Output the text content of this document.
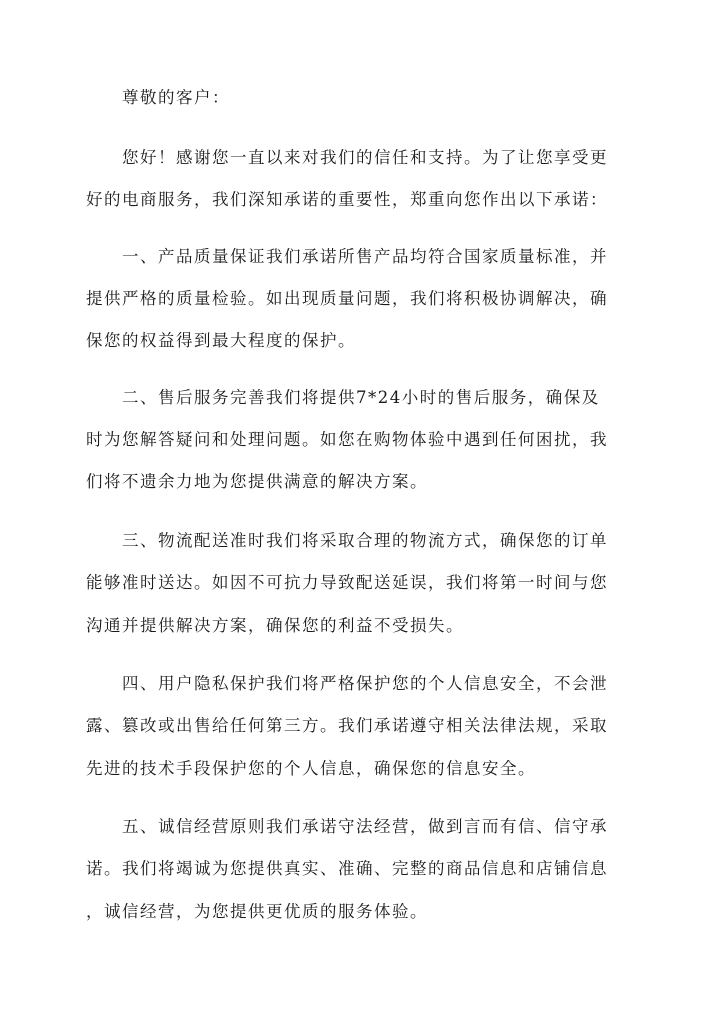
尊敬的客户：
您好！感谢您一直以来对我们的信任和支持。为了让您享受更
好的电商服务，我们深知承诺的重要性，郑重向您作出以下承诺：
一、产品质量保证我们承诺所售产品均符合国家质量标准，并
提供严格的质量检验。如出现质量问题，我们将积极协调解决，确
保您的权益得到最大程度的保护。
二、售后服务完善我们将提供7*24小时的售后服务，确保及
时为您解答疑问和处理问题。如您在购物体验中遇到任何困扰，我
们将不遗余力地为您提供满意的解决方案。
三、物流配送准时我们将采取合理的物流方式，确保您的订单
能够准时送达。如因不可抗力导致配送延误，我们将第一时间与您
沟通并提供解决方案，确保您的利益不受损失。
四、用户隐私保护我们将严格保护您的个人信息安全，不会泄
露、篡改或出售给任何第三方。我们承诺遵守相关法律法规，采取
先进的技术手段保护您的个人信息，确保您的信息安全。
五、诚信经营原则我们承诺守法经营，做到言而有信、信守承
诺。我们将竭诚为您提供真实、准确、完整的商品信息和店铺信息
，诚信经营，为您提供更优质的服务体验。
